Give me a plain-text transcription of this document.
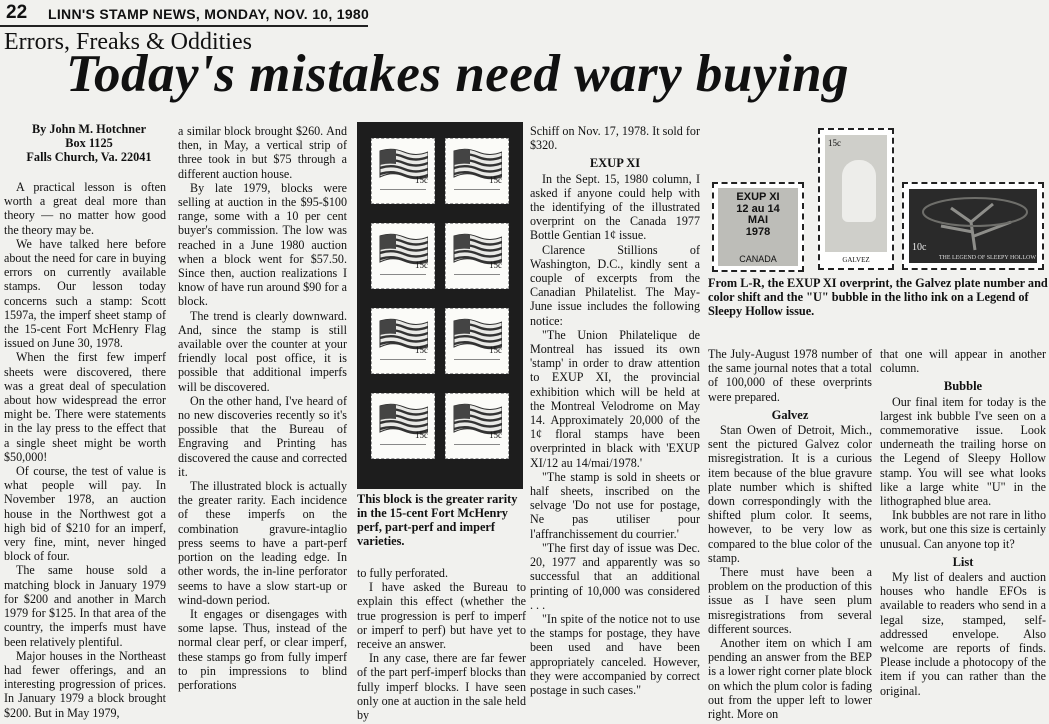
22 LINN'S STAMP NEWS, MONDAY, NOV. 10, 1980
Errors, Freaks & Oddities
Today's mistakes need wary buying
By John M. Hotchner
Box 1125
Falls Church, Va. 22041

A practical lesson is often worth a great deal more than theory — no matter how good the theory may be.

We have talked here before about the need for care in buying errors on currently available stamps. Our lesson today concerns such a stamp: Scott 1597a, the imperf sheet stamp of the 15-cent Fort McHenry Flag issued on June 30, 1978.

When the first few imperf sheets were discovered, there was a great deal of speculation about how widespread the error might be. There were statements in the lay press to the effect that a single sheet might be worth $50,000!

Of course, the test of value is what people will pay. In November 1978, an auction house in the Northwest got a high bid of $210 for an imperf, very fine, mint, never hinged block of four.

The same house sold a matching block in January 1979 for $200 and another in March 1979 for $125. In that area of the country, the imperfs must have been relatively plentiful.

Major houses in the Northeast had fewer offerings, and an interesting progression of prices. In January 1979 a block brought $200. But in May 1979,

a similar block brought $260. And then, in May, a vertical strip of three took in but $75 through a different auction house.

By late 1979, blocks were selling at auction in the $95-$100 range, some with a 10 per cent buyer's commission. The low was reached in a June 1980 auction when a block went for $57.50. Since then, auction realizations I know of have run around $90 for a block.

The trend is clearly downward. And, since the stamp is still available over the counter at your friendly local post office, it is possible that additional imperfs will be discovered.

On the other hand, I've heard of no new discoveries recently so it's possible that the Bureau of Engraving and Printing has discovered the cause and corrected it.

The illustrated block is actually the greater rarity. Each incidence of these imperfs on the combination gravure-intaglio press seems to have a part-perf portion on the leading edge. In other words, the in-line perforator seems to have a slow start-up or wind-down period.

It engages or disengages with some lapse. Thus, instead of the normal clear perf, or clear imperf, these stamps go from fully imperf to pin impressions to blind perforations

15c	15c
15c	15c
15c	15c
15c	15c
This block is the greater rarity in the 15-cent Fort McHenry perf, part-perf and imperf varieties.

to fully perforated.

I have asked the Bureau to explain this effect (whether the true progression is perf to imperf or imperf to perf) but have yet to receive an answer.

In any case, there are far fewer of the part perf-imperf blocks than fully imperf blocks. I have seen only one at auction in the sale held by

Schiff on Nov. 17, 1978. It sold for $320.

EXUP XI

In the Sept. 15, 1980 column, I asked if anyone could help with the identifying of the illustrated overprint on the Canada 1977 Bottle Gentian 1¢ issue.

Clarence Stillions of Washington, D.C., kindly sent a couple of excerpts from the Canadian Philatelist. The May-June issue includes the following notice:

"The Union Philatelique de Montreal has issued its own 'stamp' in order to draw attention to EXUP XI, the provincial exhibition which will be held at the Montreal Velodrome on May 14. Approximately 20,000 of the 1¢ floral stamps have been overprinted in black with 'EXUP XI/12 au 14/mai/1978.'

"The stamp is sold in sheets or half sheets, inscribed on the selvage 'Do not use for postage, Ne pas utiliser pour l'affranchissement du courrier.'

"The first day of issue was Dec. 20, 1977 and apparently was so successful that an additional printing of 10,000 was considered . . .

"In spite of the notice not to use the stamps for postage, they have been used and have been appropriately canceled. However, they were accompanied by correct postage in such cases."

EXUP XI
12 au 14
MAI
1978
CANADA
15c
GALVEZ
10c
THE LEGEND OF SLEEPY HOLLOW
From L-R, the EXUP XI overprint, the Galvez plate number and color shift and the "U" bubble in the litho ink on a Legend of Sleepy Hollow issue.

The July-August 1978 number of the same journal notes that a total of 100,000 of these overprints were prepared.

Galvez

Stan Owen of Detroit, Mich., sent the pictured Galvez color misregistration. It is a curious item because of the blue gravure plate number which is shifted down correspondingly with the shifted plum color. It seems, however, to be very low as compared to the blue color of the stamp.

There must have been a problem on the production of this issue as I have seen plum misregistrations from several different sources.

Another item on which I am pending an answer from the BEP is a lower right corner plate block on which the plum color is fading out from the upper left to lower right. More on

that one will appear in another column.

Bubble

Our final item for today is the largest ink bubble I've seen on a commemorative issue. Look underneath the trailing horse on the Legend of Sleepy Hollow stamp. You will see what looks like a large white "U" in the lithographed blue area.

Ink bubbles are not rare in litho work, but one this size is certainly unusual. Can anyone top it?

List

My list of dealers and auction houses who handle EFOs is available to readers who send in a legal size, stamped, self-addressed envelope. Also welcome are reports of finds. Please include a photocopy of the item if you can rather than the original.
